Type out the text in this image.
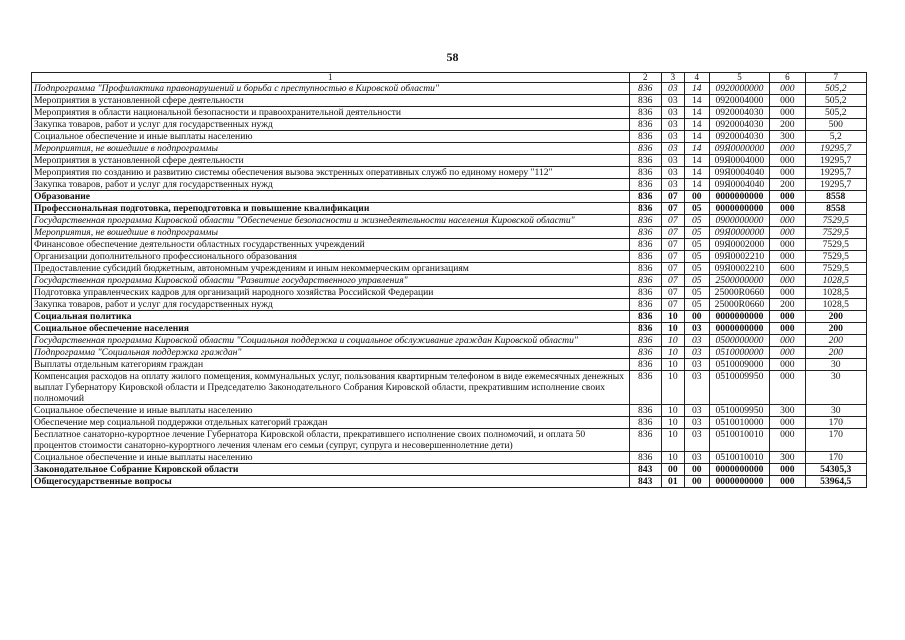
58
1	2	3	4	5	6	7
Подпрограмма "Профилактика правонарушений и борьба с преступностью в Кировской области"	836	03	14	0920000000	000	505,2
Мероприятия в установленной сфере деятельности	836	03	14	0920004000	000	505,2
Мероприятия в области национальной безопасности и правоохранительной деятельности	836	03	14	0920004030	000	505,2
Закупка товаров, работ и услуг для государственных нужд	836	03	14	0920004030	200	500
Социальное обеспечение и иные выплаты населению	836	03	14	0920004030	300	5,2
Мероприятия, не вошедшие в подпрограммы	836	03	14	09Я0000000	000	19295,7
Мероприятия в установленной сфере деятельности	836	03	14	09Я0004000	000	19295,7
Мероприятия по созданию и развитию системы обеспечения вызова экстренных оперативных служб по единому номеру "112"	836	03	14	09Я0004040	000	19295,7
Закупка товаров, работ и услуг для государственных нужд	836	03	14	09Я0004040	200	19295,7
Образование	836	07	00	0000000000	000	8558
Профессиональная подготовка, переподготовка и повышение квалификации	836	07	05	0000000000	000	8558
Государственная программа Кировской области "Обеспечение безопасности и жизнедеятельности населения Кировской области"	836	07	05	0900000000	000	7529,5
Мероприятия, не вошедшие в подпрограммы	836	07	05	09Я0000000	000	7529,5
Финансовое обеспечение деятельности областных государственных учреждений	836	07	05	09Я0002000	000	7529,5
Организации дополнительного профессионального образования	836	07	05	09Я0002210	000	7529,5
Предоставление субсидий бюджетным, автономным учреждениям и иным некоммерческим организациям	836	07	05	09Я0002210	600	7529,5
Государственная программа Кировской области "Развитие государственного управления"	836	07	05	2500000000	000	1028,5
Подготовка управленческих кадров для организаций народного хозяйства Российской Федерации	836	07	05	25000R0660	000	1028,5
Закупка товаров, работ и услуг для государственных нужд	836	07	05	25000R0660	200	1028,5
Социальная политика	836	10	00	0000000000	000	200
Социальное обеспечение населения	836	10	03	0000000000	000	200
Государственная программа Кировской области "Социальная поддержка и социальное обслуживание граждан Кировской области"	836	10	03	0500000000	000	200
Подпрограмма "Социальная поддержка граждан"	836	10	03	0510000000	000	200
Выплаты отдельным категориям граждан	836	10	03	0510009000	000	30
Компенсация расходов на оплату жилого помещения, коммунальных услуг, пользования квартирным телефоном в виде ежемесячных денежных выплат Губернатору Кировской области и Председателю Законодательного Собрания Кировской области, прекратившим исполнение своих полномочий	836	10	03	0510009950	000	30
Социальное обеспечение и иные выплаты населению	836	10	03	0510009950	300	30
Обеспечение мер социальной поддержки отдельных категорий граждан	836	10	03	0510010000	000	170
Бесплатное санаторно-курортное лечение Губернатора Кировской области, прекратившего исполнение своих полномочий, и оплата 50 процентов стоимости санаторно-курортного лечения членам его семьи (супруг, супруга и несовершеннолетние дети)	836	10	03	0510010010	000	170
Социальное обеспечение и иные выплаты населению	836	10	03	0510010010	300	170
Законодательное Собрание Кировской области	843	00	00	0000000000	000	54305,3
Общегосударственные вопросы	843	01	00	0000000000	000	53964,5
